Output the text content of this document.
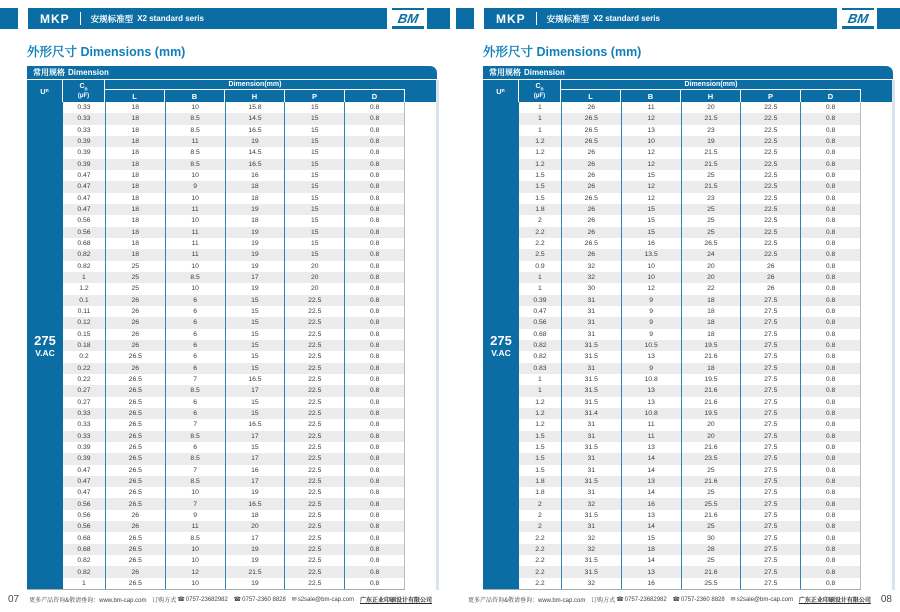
MKP 安规标准型 X2 standard seris	BM
外形尺寸 Dimensions (mm)
常用规格 Dimension
U n
$C_n$
(μF)
Dimension(mm)
L	B	H	P	D
275
V.AC
0.33	18	10	15.8	15	0.8
0.33	18	8.5	14.5	15	0.8
0.33	18	8.5	16.5	15	0.8
0.39	18	11	19	15	0.8
0.39	18	8.5	14.5	15	0.8
0.39	18	8.5	16.5	15	0.8
0.47	18	10	16	15	0.8
0.47	18	9	18	15	0.8
0.47	18	10	18	15	0.8
0.47	18	11	19	15	0.8
0.56	18	10	18	15	0.8
0.56	18	11	19	15	0.8
0.68	18	11	19	15	0.8
0.82	18	11	19	15	0.8
0.82	25	10	19	20	0.8
1	25	8.5	17	20	0.8
1.2	25	10	19	20	0.8
0.1	26	6	15	22.5	0.8
0.11	26	6	15	22.5	0.8
0.12	26	6	15	22.5	0.8
0.15	26	6	15	22.5	0.8
0.18	26	6	15	22.5	0.8
0.2	26.5	6	15	22.5	0.8
0.22	26	6	15	22.5	0.8
0.22	26.5	7	16.5	22.5	0.8
0.27	26.5	8.5	17	22.5	0.8
0.27	26.5	6	15	22.5	0.8
0.33	26.5	6	15	22.5	0.8
0.33	26.5	7	16.5	22.5	0.8
0.33	26.5	8.5	17	22.5	0.8
0.39	26.5	6	15	22.5	0.8
0.39	26.5	8.5	17	22.5	0.8
0.47	26.5	7	16	22.5	0.8
0.47	26.5	8.5	17	22.5	0.8
0.47	26.5	10	19	22.5	0.8
0.56	26.5	7	16.5	22.5	0.8
0.56	26	9	18	22.5	0.8
0.56	26	11	20	22.5	0.8
0.68	26.5	8.5	17	22.5	0.8
0.68	26.5	10	19	22.5	0.8
0.82	26.5	10	19	22.5	0.8
0.82	26	12	21.5	22.5	0.8
1	26.5	10	19	22.5	0.8
07 更多产品咨询&敬请垂询：www.bm-cap.com 订购方式 ☎ 0757-23682982 ☎ 0757-2360 8828 ✉ s2sale@bm-cap.com 广东正业印刷设计有限公司
MKP 安规标准型 X2 standard seris	BM
外形尺寸 Dimensions (mm)
常用规格 Dimension
U n
$C_n$
(μF)
Dimension(mm)
L	B	H	P	D
275
V.AC
1	26	11	20	22.5	0.8
1	26.5	12	21.5	22.5	0.8
1	26.5	13	23	22.5	0.8
1.2	26.5	10	19	22.5	0.8
1.2	26	12	21.5	22.5	0.8
1.2	26	12	21.5	22.5	0.8
1.5	26	15	25	22.5	0.8
1.5	26	12	21.5	22.5	0.8
1.5	26.5	12	23	22.5	0.8
1.8	26	15	25	22.5	0.8
2	26	15	25	22.5	0.8
2.2	26	15	25	22.5	0.8
2.2	26.5	16	26.5	22.5	0.8
2.5	26	13.5	24	22.5	0.8
0.9	32	10	20	26	0.8
1	32	10	20	26	0.8
1	30	12	22	26	0.8
0.39	31	9	18	27.5	0.8
0.47	31	9	18	27.5	0.8
0.56	31	9	18	27.5	0.8
0.68	31	9	18	27.5	0.8
0.82	31.5	10.5	19.5	27.5	0.8
0.82	31.5	13	21.6	27.5	0.8
0.83	31	9	18	27.5	0.8
1	31.5	10.8	19.5	27.5	0.8
1	31.5	13	21.6	27.5	0.8
1.2	31.5	13	21.6	27.5	0.8
1.2	31.4	10.8	19.5	27.5	0.8
1.2	31	11	20	27.5	0.8
1.5	31	11	20	27.5	0.8
1.5	31.5	13	21.6	27.5	0.8
1.5	31	14	23.5	27.5	0.8
1.5	31	14	25	27.5	0.8
1.8	31.5	13	21.6	27.5	0.8
1.8	31	14	25	27.5	0.8
2	32	16	25.5	27.5	0.8
2	31.5	13	21.6	27.5	0.8
2	31	14	25	27.5	0.8
2.2	32	15	30	27.5	0.8
2.2	32	18	28	27.5	0.8
2.2	31.5	14	25	27.5	0.8
2.2	31.5	13	21.6	27.5	0.8
2.2	32	16	25.5	27.5	0.8
更多产品咨询&敬请垂询：www.bm-cap.com 订购方式 ☎ 0757-23682982 ☎ 0757-2360 8828 ✉ s2sale@bm-cap.com 广东正业印刷设计有限公司 08
